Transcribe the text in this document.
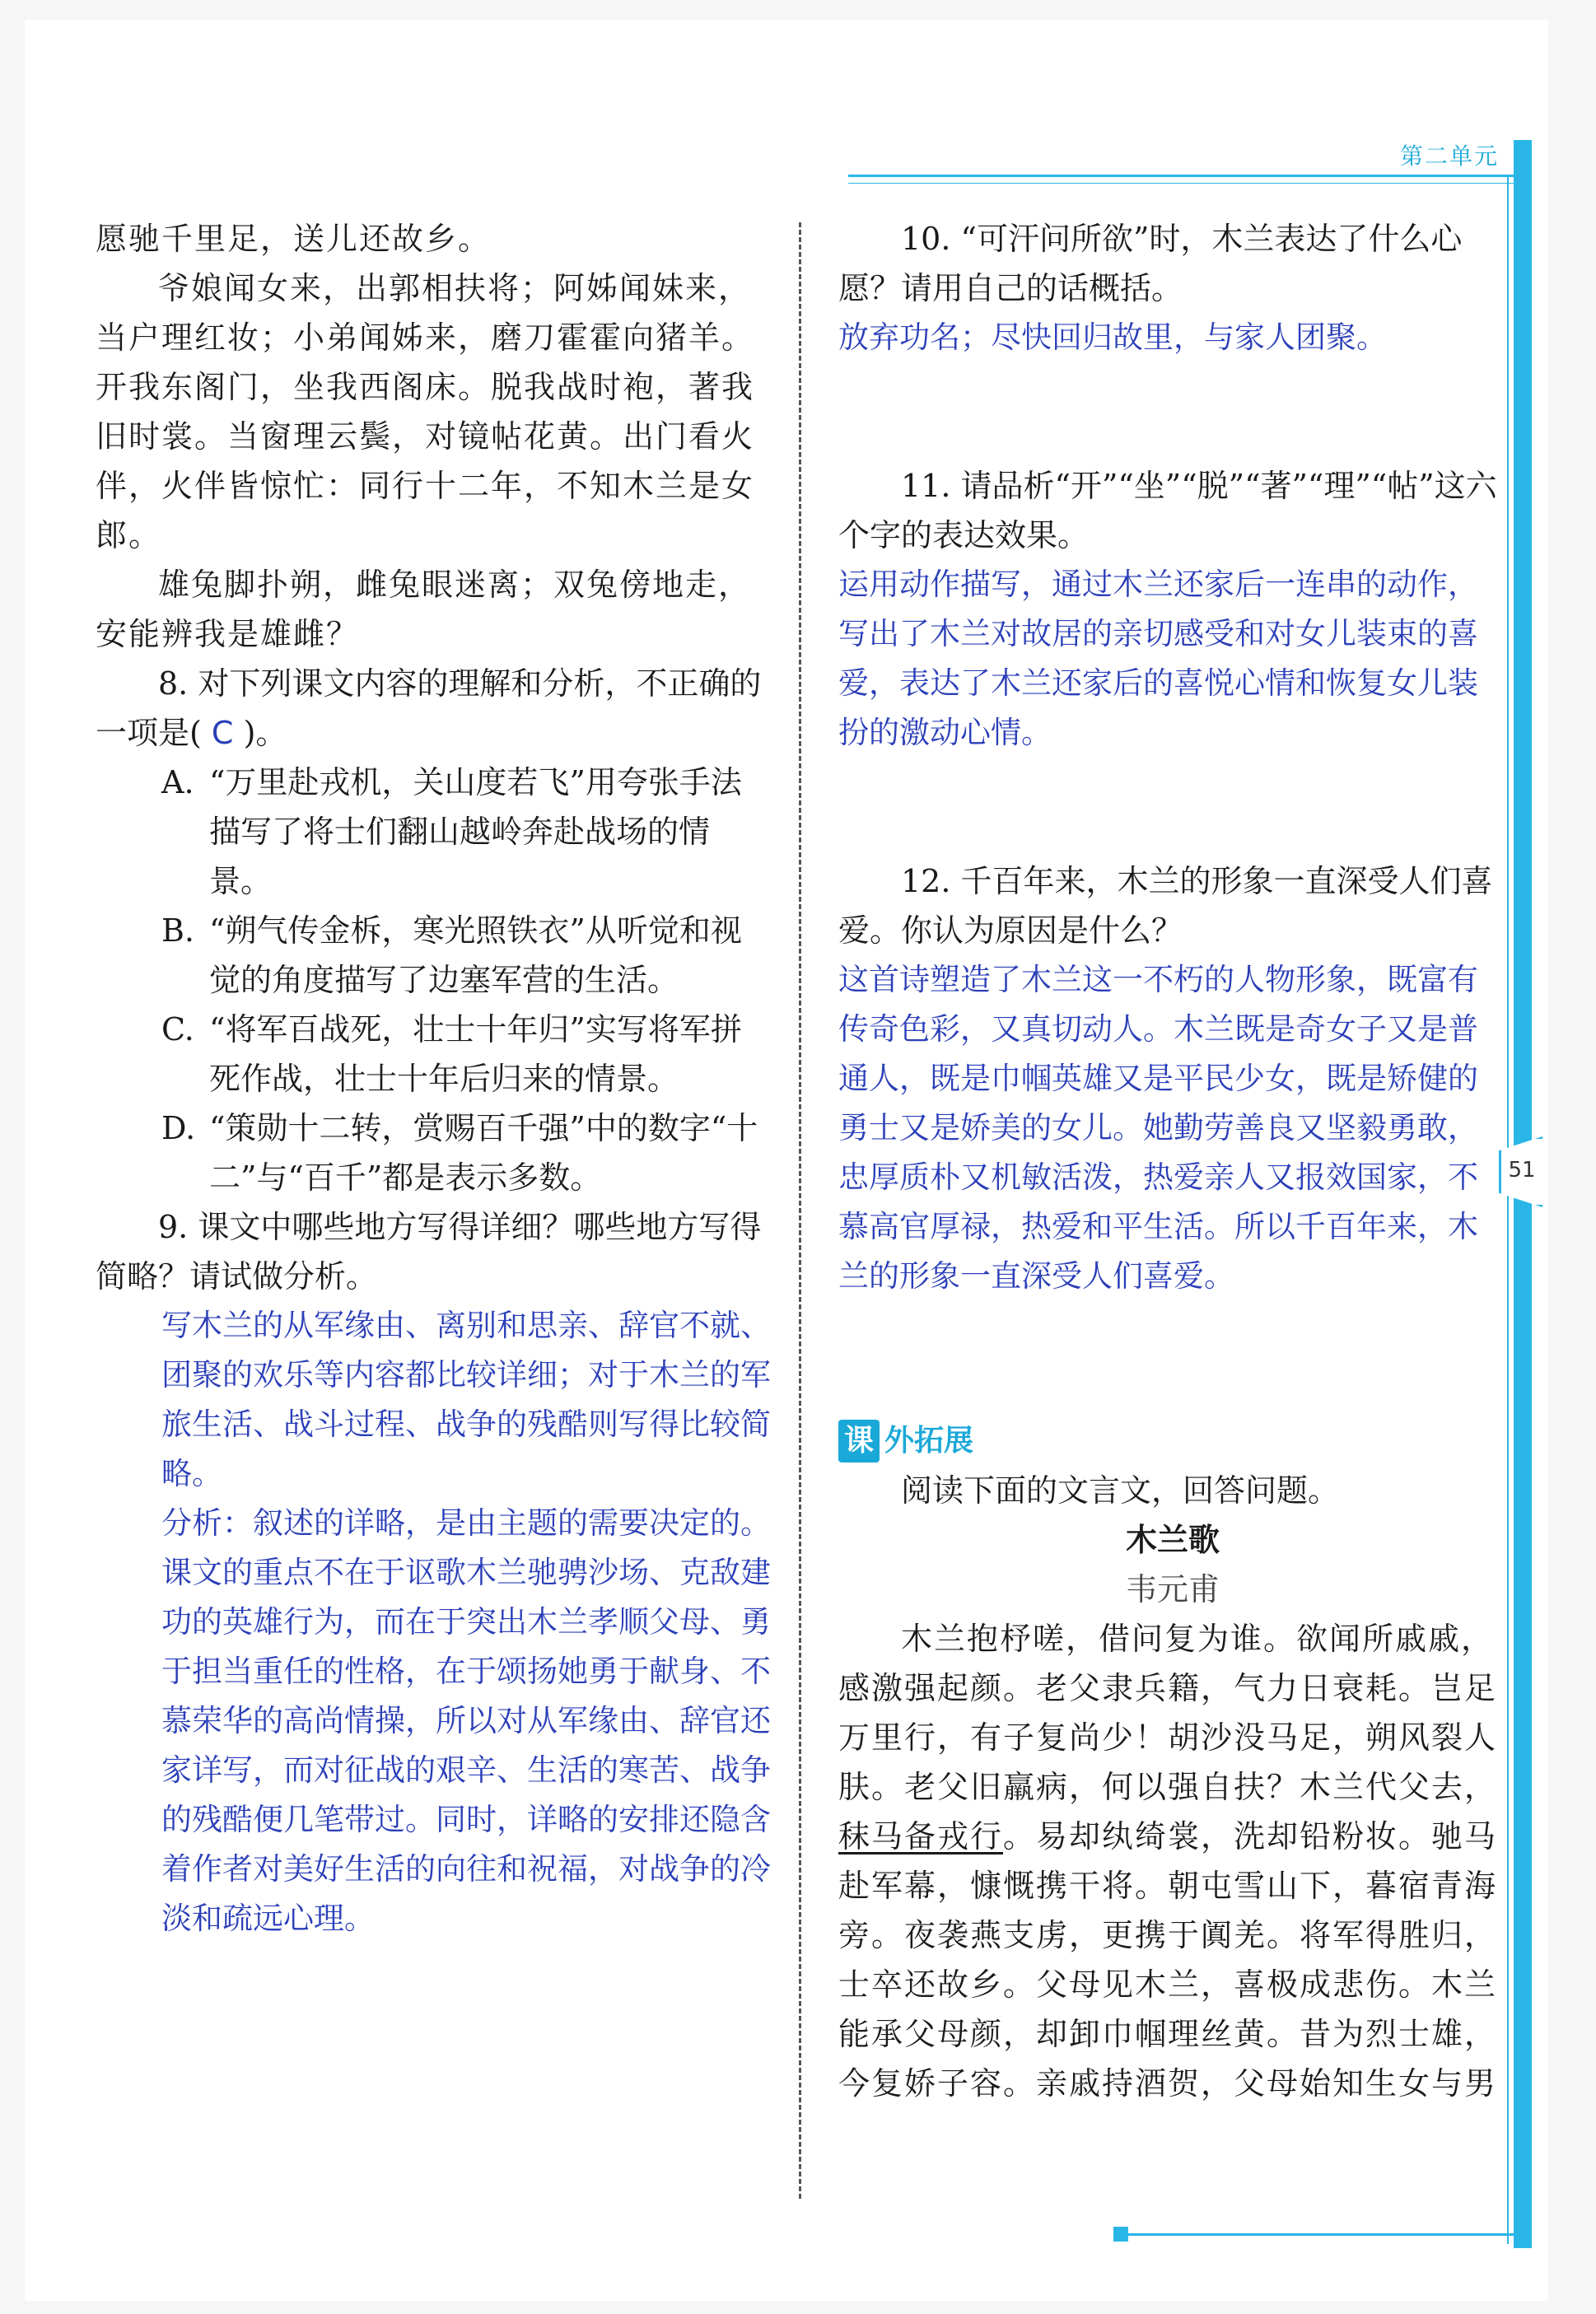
第二单元
51

愿驰千里足，送儿还故乡。

爷娘闻女来，出郭相扶将；阿姊闻妹来，当户理红妆；小弟闻姊来，磨刀霍霍向猪羊。开我东阁门，坐我西阁床。脱我战时袍，著我旧时裳。当窗理云鬓，对镜帖花黄。出门看火伴，火伴皆惊忙：同行十二年，不知木兰是女郎。

雄兔脚扑朔，雌兔眼迷离；双兔傍地走，安能辨我是雄雌？

8. 对下列课文内容的理解和分析，不正确的一项是( C )。

A. “万里赴戎机，关山度若飞”用夸张手法描写了将士们翻山越岭奔赴战场的情景。
B. “朔气传金柝，寒光照铁衣”从听觉和视觉的角度描写了边塞军营的生活。
C. “将军百战死，壮士十年归”实写将军拼死作战，壮士十年后归来的情景。
D. “策勋十二转，赏赐百千强”中的数字“十二”与“百千”都是表示多数。

9. 课文中哪些地方写得详细？哪些地方写得简略？请试做分析。

写木兰的从军缘由、离别和思亲、辞官不就、团聚的欢乐等内容都比较详细；对于木兰的军旅生活、战斗过程、战争的残酷则写得比较简略。

分析：叙述的详略，是由主题的需要决定的。课文的重点不在于讴歌木兰驰骋沙场、克敌建功的英雄行为，而在于突出木兰孝顺父母、勇于担当重任的性格，在于颂扬她勇于献身、不慕荣华的高尚情操，所以对从军缘由、辞官还家详写，而对征战的艰辛、生活的寒苦、战争的残酷便几笔带过。同时，详略的安排还隐含着作者对美好生活的向往和祝福，对战争的冷淡和疏远心理。

10. “可汗问所欲”时，木兰表达了什么心愿？请用自己的话概括。

放弃功名；尽快回归故里，与家人团聚。

11. 请品析“开”“坐”“脱”“著”“理”“帖”这六个字的表达效果。

运用动作描写，通过木兰还家后一连串的动作，写出了木兰对故居的亲切感受和对女儿装束的喜爱，表达了木兰还家后的喜悦心情和恢复女儿装扮的激动心情。

12. 千百年来，木兰的形象一直深受人们喜爱。你认为原因是什么？

这首诗塑造了木兰这一不朽的人物形象，既富有传奇色彩，又真切动人。木兰既是奇女子又是普通人，既是巾帼英雄又是平民少女，既是矫健的勇士又是娇美的女儿。她勤劳善良又坚毅勇敢，忠厚质朴又机敏活泼，热爱亲人又报效国家，不慕高官厚禄，热爱和平生活。所以千百年来，木兰的形象一直深受人们喜爱。

课 外拓展

阅读下面的文言文，回答问题。

木兰歌

韦元甫

木兰抱杼嗟，借问复为谁。欲闻所戚戚，感激强起颜。老父隶兵籍，气力日衰耗。岂足万里行，有子复尚少！胡沙没马足，朔风裂人肤。老父旧羸病，何以强自扶？木兰代父去，秣马备戎行。易却纨绮裳，洗却铅粉妆。驰马赴军幕，慷慨携干将。朝屯雪山下，暮宿青海旁。夜袭燕支虏，更携于阗羌。将军得胜归，士卒还故乡。父母见木兰，喜极成悲伤。木兰能承父母颜，却卸巾帼理丝黄。昔为烈士雄，今复娇子容。亲戚持酒贺，父母始知生女与男
